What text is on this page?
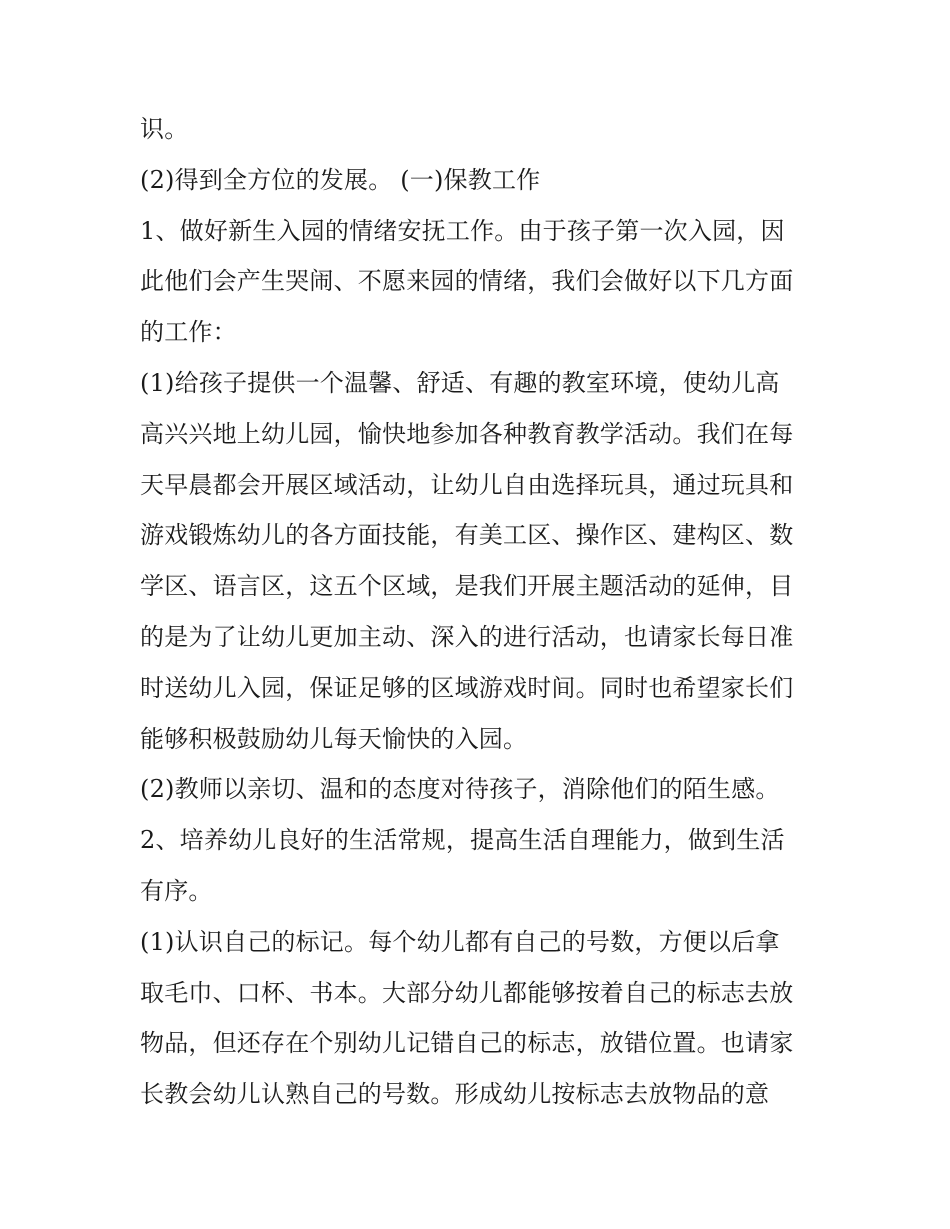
识。
(2)得到全方位的发展。 (一)保教工作
1、做好新生入园的情绪安抚工作。由于孩子第一次入园，因
此他们会产生哭闹、不愿来园的情绪，我们会做好以下几方面
的工作：
(1)给孩子提供一个温馨、舒适、有趣的教室环境，使幼儿高
高兴兴地上幼儿园，愉快地参加各种教育教学活动。我们在每
天早晨都会开展区域活动，让幼儿自由选择玩具，通过玩具和
游戏锻炼幼儿的各方面技能，有美工区、操作区、建构区、数
学区、语言区，这五个区域，是我们开展主题活动的延伸，目
的是为了让幼儿更加主动、深入的进行活动，也请家长每日准
时送幼儿入园，保证足够的区域游戏时间。同时也希望家长们
能够积极鼓励幼儿每天愉快的入园。
(2)教师以亲切、温和的态度对待孩子，消除他们的陌生感。
2、培养幼儿良好的生活常规，提高生活自理能力，做到生活
有序。
(1)认识自己的标记。每个幼儿都有自己的号数，方便以后拿
取毛巾、口杯、书本。大部分幼儿都能够按着自己的标志去放
物品，但还存在个别幼儿记错自己的标志，放错位置。也请家
长教会幼儿认熟自己的号数。形成幼儿按标志去放物品的意
